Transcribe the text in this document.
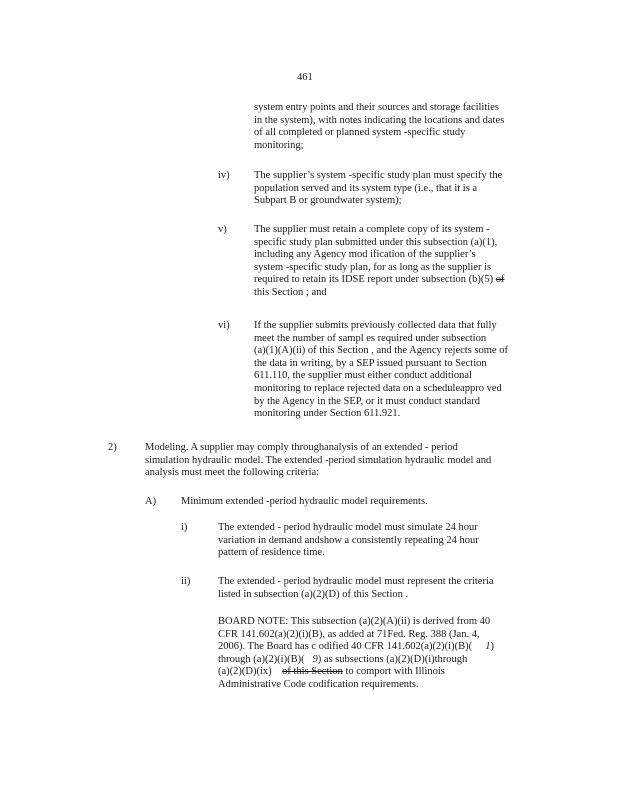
461
system entry points and their sources and storage facilities
in the system), with notes indicating the locations and dates
of all completed or planned system -specific study
monitoring;
iv) The supplier’s system -specific study plan must specify the
population served and its system type (i.e., that it is a
Subpart B or groundwater system);
v)	The supplier must retain a complete copy of its system -
specific study plan submitted under this subsection (a)(1),
including any Agency mod ification of the supplier’s
system -specific study plan, for as long as the supplier is
required to retain its IDSE report under subsection (b)(5) of
this Section ; and
vi) If the supplier submits previously collected data that fully
meet the number of sampl es required under subsection
(a)(1)(A)(ii) of this Section , and the Agency rejects some of
the data in writing, by a SEP issued pursuant to Section
611.110, the supplier must either conduct additional
monitoring to replace rejected data on a scheduleappro ved
by the Agency in the SEP, or it must conduct standard
monitoring under Section 611.921.
2)	Modeling. A supplier may comply throughanalysis of an extended - period
simulation hydraulic model. The extended -period simulation hydraulic model and
analysis must meet the following criteria:
A) Minimum extended -period hydraulic model requirements.
i)	The extended - period hydraulic model must simulate 24 hour
variation in demand andshow a consistently repeating 24 hour
pattern of residence time.
ii)	The extended - period hydraulic model must represent the criteria
listed in subsection (a)(2)(D) of this Section .
BOARD NOTE: This subsection (a)(2)(A)(ii) is derived from 40
CFR 141.602(a)(2)(i)(B), as added at 71Fed. Reg. 388 (Jan. 4,
2006). The Board has c odified 40 CFR 141.602(a)(2)(i)(B)( 1)
through (a)(2)(i)(B)( 9) as subsections (a)(2)(D)(i)through
(a)(2)(D)(ix) of this Section to comport with Illinois
Administrative Code codification requirements.
